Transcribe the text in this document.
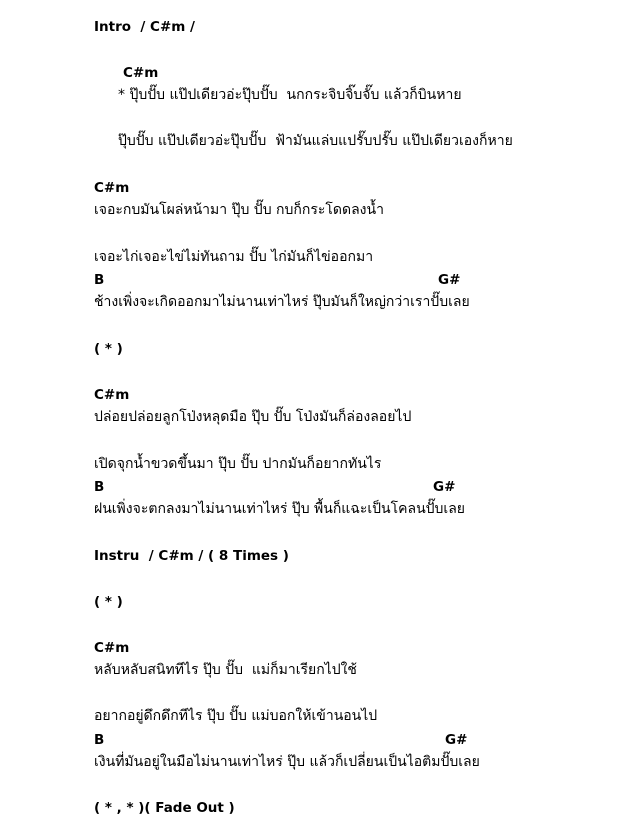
Intro  / C#m /
C#m
* ปุ๊บปั๊บ แป๊ปเดียวอ่ะปุ๊บปั๊บ  นกกระจิบจิ๊บจั๊บ แล้วก็บินหาย
ปุ๊บปั๊บ แป๊ปเดียวอ่ะปุ๊บปั๊บ  ฟ้ามันแล่บแปรั๊บปรั๊บ แป๊ปเดียวเองก็หาย
C#m
เจอะกบมันโผล่หน้ามา ปุ๊บ ปั๊บ กบก็กระโดดลงน้ำ
เจอะไก่เจอะไข่ไม่ทันถาม ปั๊บ ไก่มันก็ไข่ออกมา
B	G#
ช้างเพิ่งจะเกิดออกมาไม่นานเท่าไหร่ ปุ๊บมันก็ใหญ่กว่าเราปั๊บเลย
( * )
C#m
ปล่อยปล่อยลูกโป่งหลุดมือ ปุ๊บ ปั๊บ โป่งมันก็ล่องลอยไป
เปิดจุกน้ำขวดขึ้นมา ปุ๊บ ปั๊บ ปากมันก็อยากทันไร
B	G#
ฝนเพิ่งจะตกลงมาไม่นานเท่าไหร่ ปุ๊บ พื้นก็แฉะเป็นโคลนปั๊บเลย
Instru  / C#m / ( 8 Times )
( * )
C#m
หลับหลับสนิททีไร ปุ๊บ ปั๊บ  แม่ก็มาเรียกไปใช้
อยากอยู่ดึกดึกทีไร ปุ๊บ ปั๊บ แม่บอกให้เข้านอนไป
B	G#
เงินที่มันอยู่ในมือไม่นานเท่าไหร่ ปุ๊บ แล้วก็เปลี่ยนเป็นไอติมปั๊บเลย
( * , * )( Fade Out )
